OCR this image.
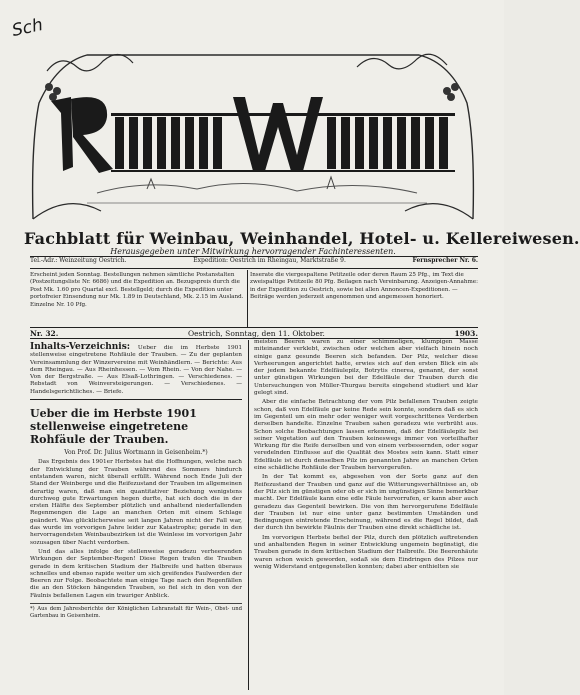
Sch
Fachblatt für Weinbau, Weinhandel, Hotel- u. Kellereiwesen.
Herausgegeben unter Mitwirkung hervorragender Fachinteressenten.
Tel.-Adr.: Weinzeitung Oestrich.	Expedition: Oestrich im Rheingau, Marktstraße 9.	Fernsprecher Nr. 6.
Erscheint jeden Sonntag. Bestellungen nehmen sämtliche Postanstalten (Postzeitungsliste Nr. 6686) und die Expedition an. Bezugspreis durch die Post Mk. 1.60 pro Quartal excl. Bestellgeld; durch die Expedition unter portofreier Einsendung nur Mk. 1.89 in Deutschland, Mk. 2.15 im Ausland. Einzelne Nr. 10 Pfg.
Inserate die viergespaltene Petitzeile oder deren Raum 25 Pfg., im Text die zweispaltige Petitzeile 80 Pfg. Beilagen nach Vereinbarung. Anzeigen-Annahme: in der Expedition zu Oestrich, sowie bei allen Annoncen-Expeditionen. — Beiträge werden jederzeit angenommen und angemessen honoriert.
Nr. 32.	Oestrich, Sonntag, den 11. Oktober.	1903.
Inhalts-Verzeichnis: Ueber die im Herbste 1901 stellenweise eingetretene Rohfäule der Trauben. — Zu der geplanten Vereinsammlung der Winzervereine mit Weinhändlern. — Berichte: Aus dem Rheingau. — Aus Rheinhessen. — Vom Rhein. — Von der Nahe. — Von der Bergstraße. — Aus Elsaß-Lothringen. — Verschiedenes. — Rebstadt von Weinversteigerungen. — Verschiedenes. — Handelsgerichtliches. — Briefe.
Ueber die im Herbste 1901 stellenweise eingetretene Rohfäule der Trauben.
Von Prof. Dr. Julius Wortmann in Geisenheim.*)

Das Ergebnis des 1901er Herbstes hat die Hoffnungen, welche nach der Entwicklung der Trauben während des Sommers hindurch entstanden waren, nicht überall erfüllt. Während noch Ende Juli der Stand der Weinberge und die Reifezustand der Trauben im allgemeinen derartig waren, daß man ein quantitativer Beziehung wenigstens durchweg gute Erwartungen hegen durfte, hat sich doch die in der ersten Hälfte des September plötzlich und anhaltend niederfallenden Regenmengen die Lage an manchen Orten mit einem Schlage geändert. Was glücklicherweise seit langen Jahren nicht der Fall war, das wurde im vorvorigen Jahre leider zur Katastrophe; gerade in den hervorragendsten Weinbaubezirken ist die Weinlese im vorvorigen Jahr sozusagen über Nacht verdorben.

Und das alles infolge der stellenweise geradezu verheerenden Wirkungen der September-Regen! Diese Regen trafen die Trauben gerade in dem kritischen Stadium der Halbreife und hatten überaus schnelles und ebenso rapide weiter um sich greifendes Faulwerden der Beeren zur Folge. Beobachtete man einige Tage nach den Regenfällen die an den Stöcken hängenden Trauben, so fiel sich in den von der Fäulnis befallenen Lagen ein trauriger Anblick.

*) Aus dem Jahresberichte der Königlichen Lehranstalt für Wein-, Obst- und Gartenbau in Geisenheim.

meisten Beeren waren zu einer schimmeligen, klumpigen Masse miteinander verklebt, zwischen oder welchen aber vielfach hinein noch einige ganz gesunde Beeren sich befanden. Der Pilz, welcher diese Verheerungen angerichtet hatte, erwies sich auf den ersten Blick ein als der jedem bekannte Edelfäulepilz, Botrytis cinerea, genannt, der sonst unter günstigen Wirkungen bei der Edelfäule der Trauben durch die Untersuchungen von Müller-Thurgau bereits eingehend studiert und klar gelegt sind.

Aber die einfache Betrachtung der vom Pilz befallenen Trauben zeigte schon, daß von Edelfäule gar keine Rede sein konnte, sondern daß es sich im Gegenteil um ein mehr oder weniger weit vorgeschrittenes Verderben derselben handelte. Einzelne Trauben sahen geradezu wie verbrüht aus. Schon solche Beobachtungen lassen erkennen, daß der Edelfäulepilz bei seiner Vegetation auf den Trauben keineswegs immer von vorteilhafter Wirkung für die Reife derselben und von einem verbessernden, oder sogar veredelnden Einflusse auf die Qualität des Mostes sein kann. Statt einer Edelfäule ist durch denselben Pilz im genannten Jahre an manchen Orten eine schädliche Rohfäule der Trauben hervorgerufen.

In der Tat kommt es, abgesehen von der Sorte ganz auf den Reifezustand der Trauben und ganz auf die Witterungsverhältnisse an, ob der Pilz sich im günstigen oder ob er sich im ungünstigen Sinne bemerkbar macht. Der Edelfäule kann eine edle Fäule hervorrufen, er kann aber auch geradezu das Gegenteil bewirken. Die von ihm hervorgerufene Edelfäule der Trauben ist nur eine unter ganz bestimmten Umständen und Bedingungen eintretende Erscheinung, während es die Regel bildet, daß der durch ihn bewirkte Fäulnis der Trauben eine direkt schädliche ist.

Im vorvorigen Herbste befiel der Pilz, durch den plötzlich auftretenden und anhaltenden Regen in seiner Entwicklung ungemein begünstigt, die Trauben gerade in dem kritischen Stadium der Halbreife. Die Beerenhäute waren schon weich geworden, sodaß sie dem Eindringen des Pilzes nur wenig Widerstand entgegenstellen konnten; dabei aber enthielten sie
